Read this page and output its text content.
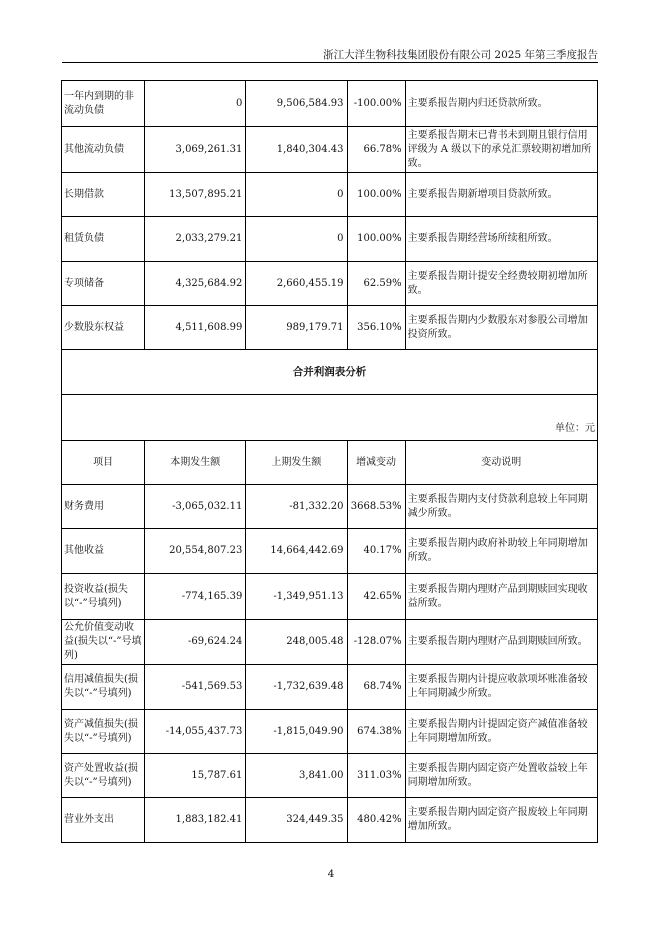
浙江大洋生物科技集团股份有限公司 2025 年第三季度报告
一年内到期的非流动负债	0	9,506,584.93	-100.00%	主要系报告期内归还贷款所致。
其他流动负债	3,069,261.31	1,840,304.43	66.78%	主要系报告期末已背书未到期且银行信用评级为 A 级以下的承兑汇票较期初增加所致。
长期借款	13,507,895.21	0	100.00%	主要系报告期新增项目贷款所致。
租赁负债	2,033,279.21	0	100.00%	主要系报告期经营场所续租所致。
专项储备	4,325,684.92	2,660,455.19	62.59%	主要系报告期计提安全经费较期初增加所致。
少数股东权益	4,511,608.99	989,179.71	356.10%	主要系报告期内少数股东对参股公司增加投资所致。
合并利润表分析				
单位：元				
项目	本期发生额	上期发生额	增减变动	变动说明
财务费用	-3,065,032.11	-81,332.20	3668.53%	主要系报告期内支付贷款利息较上年同期减少所致。
其他收益	20,554,807.23	14,664,442.69	40.17%	主要系报告期内政府补助较上年同期增加所致。
投资收益(损失以“-”号填列)	-774,165.39	-1,349,951.13	42.65%	主要系报告期内理财产品到期赎回实现收益所致。
公允价值变动收益(损失以“-”号填列)	-69,624.24	248,005.48	-128.07%	主要系报告期内理财产品到期赎回所致。
信用减值损失(损失以“-”号填列)	-541,569.53	-1,732,639.48	68.74%	主要系报告期内计提应收款项坏账准备较上年同期减少所致。
资产减值损失(损失以“-”号填列)	-14,055,437.73	-1,815,049.90	674.38%	主要系报告期内计提固定资产减值准备较上年同期增加所致。
资产处置收益(损失以“-”号填列)	15,787.61	3,841.00	311.03%	主要系报告期内固定资产处置收益较上年同期增加所致。
营业外支出	1,883,182.41	324,449.35	480.42%	主要系报告期内固定资产报废较上年同期增加所致。
4
